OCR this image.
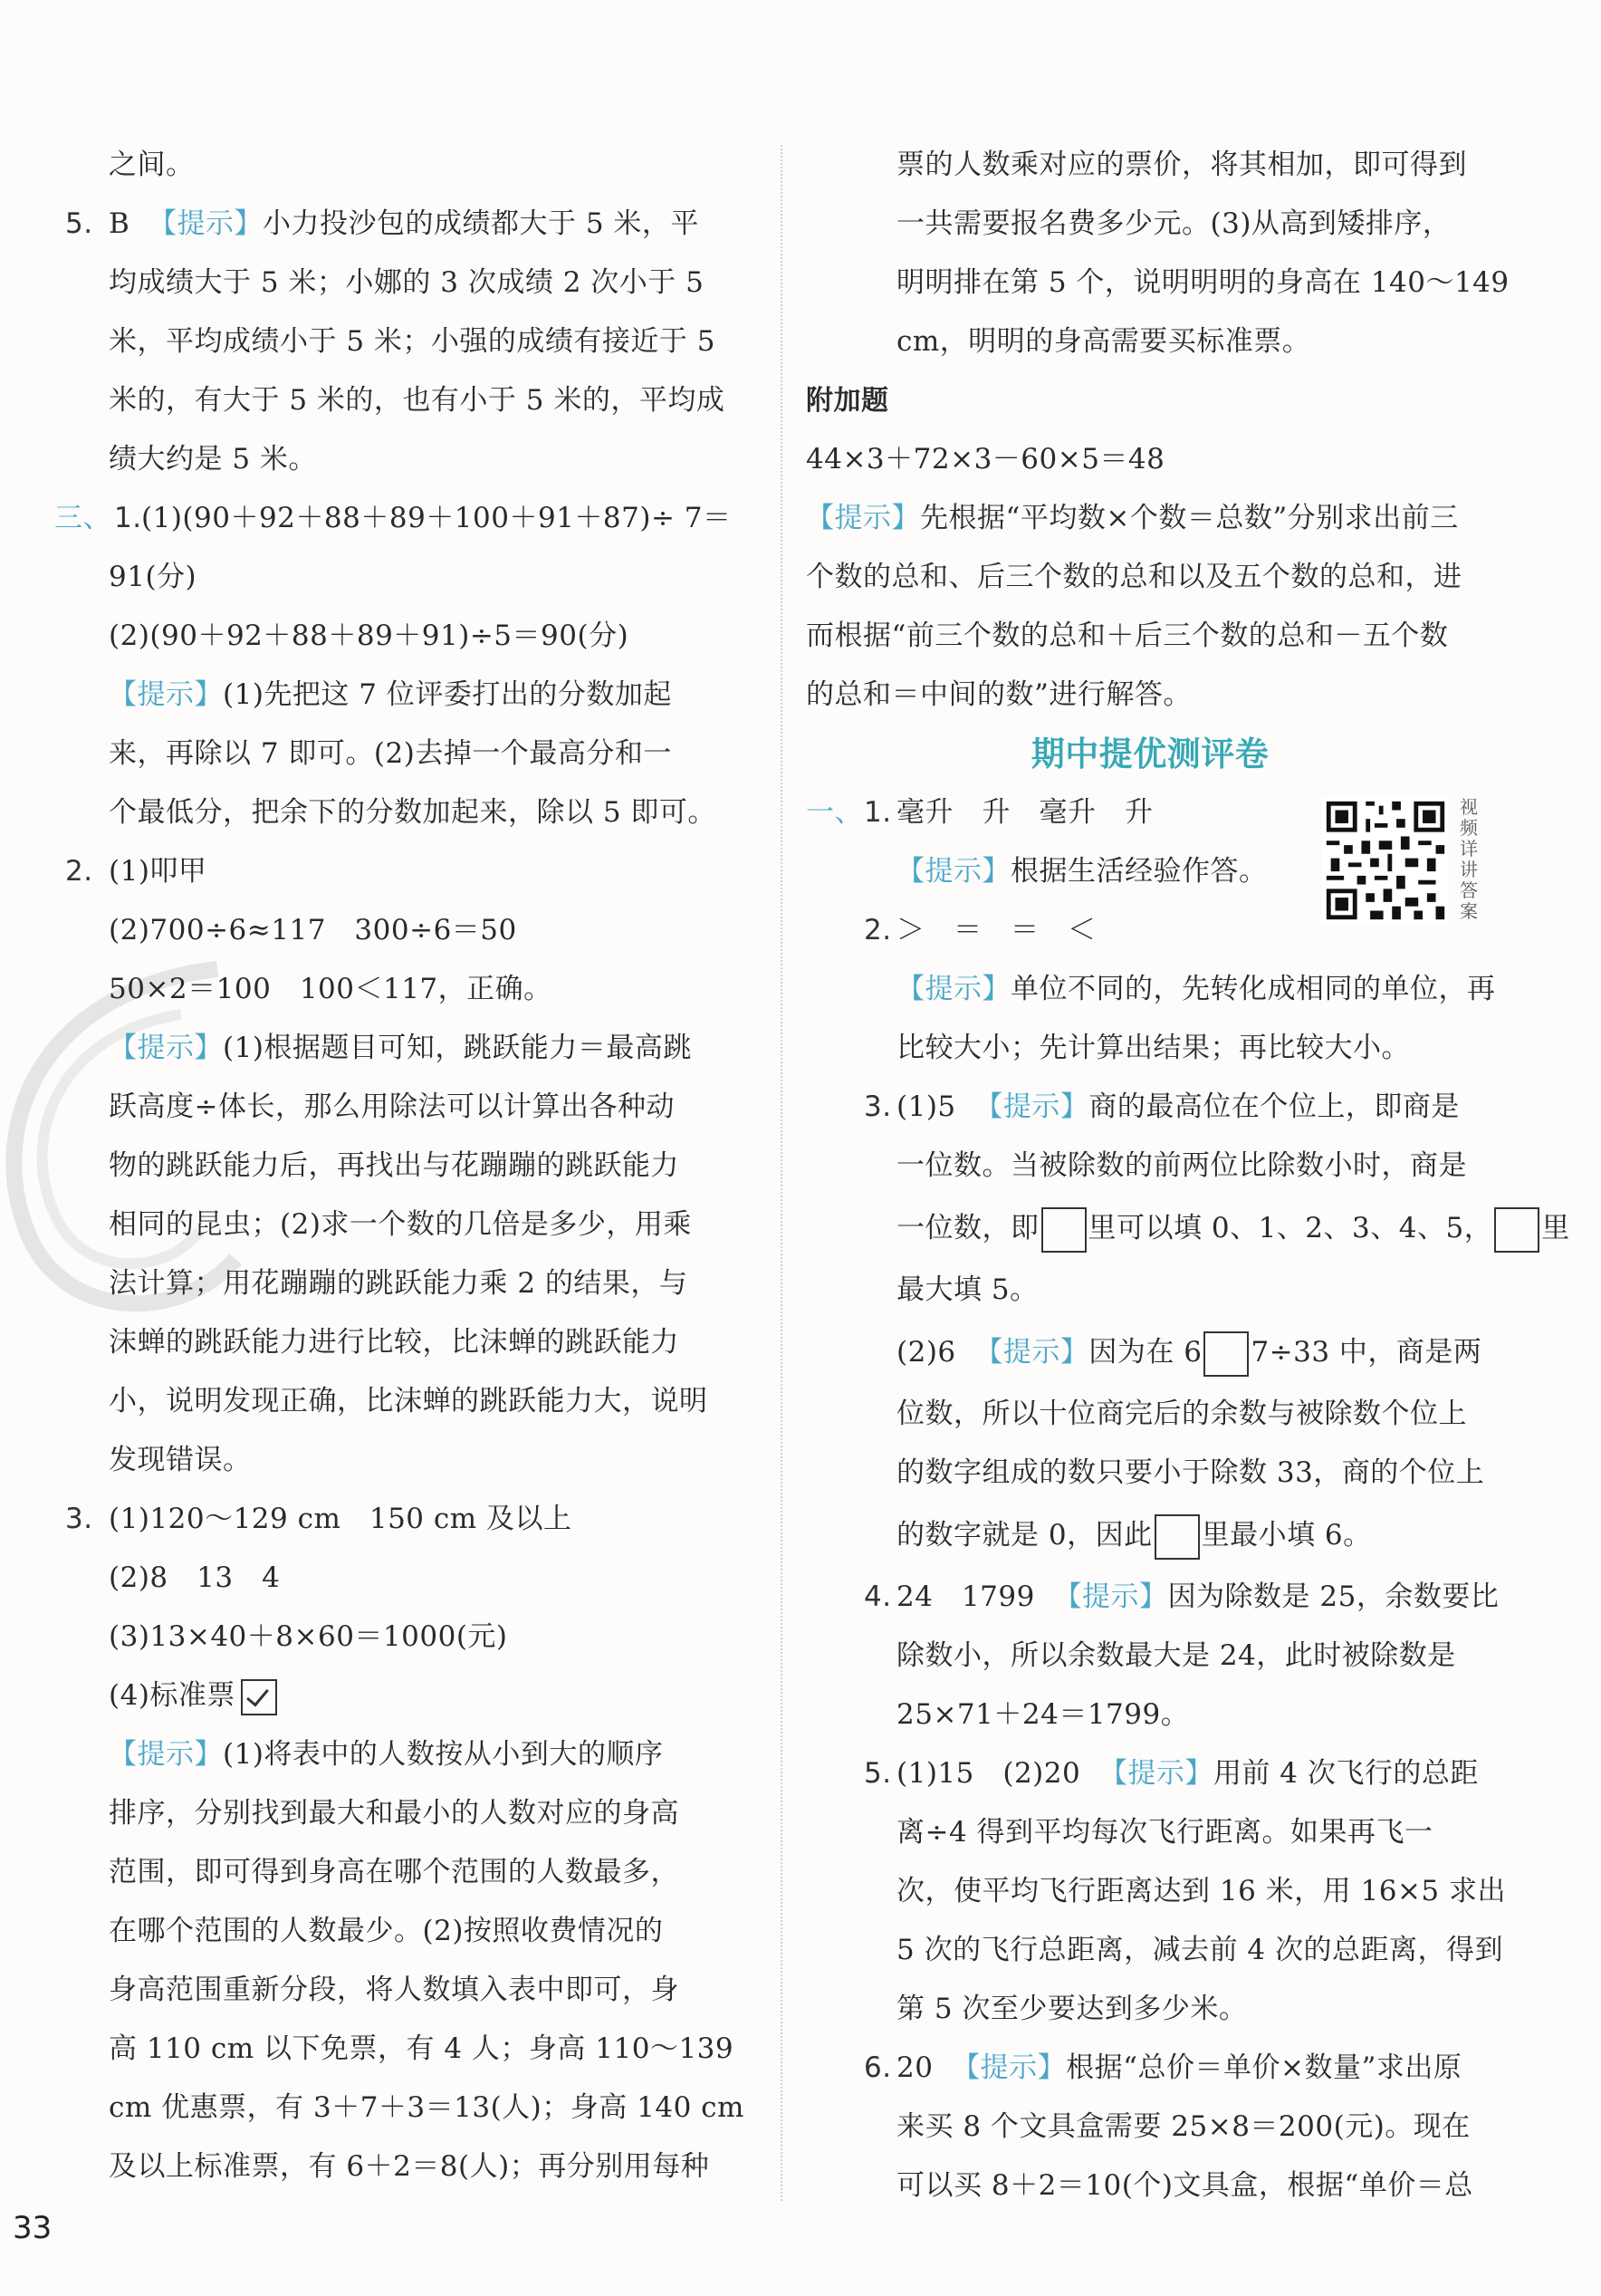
之间。
5. B 【提示】小力投沙包的成绩都大于 5 米，平
均成绩大于 5 米；小娜的 3 次成绩 2 次小于 5
米，平均成绩小于 5 米；小强的成绩有接近于 5
米的，有大于 5 米的，也有小于 5 米的，平均成
绩大约是 5 米。
三、 1. (1)(90＋92＋88＋89＋100＋91＋87)÷ 7＝
91(分)
(2)(90＋92＋88＋89＋91)÷5＝90(分)
【提示】(1)先把这 7 位评委打出的分数加起
来，再除以 7 即可。(2)去掉一个最高分和一
个最低分，把余下的分数加起来，除以 5 即可。
2. (1)叩甲
(2)700÷6≈117　300÷6＝50
50×2＝100　100＜117，正确。
【提示】(1)根据题目可知，跳跃能力＝最高跳
跃高度÷体长，那么用除法可以计算出各种动
物的跳跃能力后，再找出与花蹦蹦的跳跃能力
相同的昆虫；(2)求一个数的几倍是多少，用乘
法计算；用花蹦蹦的跳跃能力乘 2 的结果，与
沫蝉的跳跃能力进行比较，比沫蝉的跳跃能力
小，说明发现正确，比沫蝉的跳跃能力大，说明
发现错误。
3. (1)120～129 cm　150 cm 及以上
(2)8　13　4
(3)13×40＋8×60＝1000(元)
(4)标准票
【提示】(1)将表中的人数按从小到大的顺序
排序，分别找到最大和最小的人数对应的身高
范围，即可得到身高在哪个范围的人数最多，
在哪个范围的人数最少。(2)按照收费情况的
身高范围重新分段，将人数填入表中即可，身
高 110 cm 以下免票，有 4 人；身高 110～139
cm 优惠票，有 3＋7＋3＝13(人)；身高 140 cm
及以上标准票，有 6＋2＝8(人)；再分别用每种
票的人数乘对应的票价，将其相加，即可得到
一共需要报名费多少元。(3)从高到矮排序，
明明排在第 5 个，说明明明的身高在 140～149
cm，明明的身高需要买标准票。
附加题
44×3＋72×3－60×5＝48
【提示】先根据“平均数×个数＝总数”分别求出前三
个数的总和、后三个数的总和以及五个数的总和，进
而根据“前三个数的总和＋后三个数的总和－五个数
的总和＝中间的数”进行解答。
期中提优测评卷
一、 1. 毫升　升　毫升　升
【提示】根据生活经验作答。
2. ＞　＝　＝　＜
【提示】单位不同的，先转化成相同的单位，再
比较大小；先计算出结果；再比较大小。
3. (1)5 【提示】商的最高位在个位上，即商是
一位数。当被除数的前两位比除数小时，商是
一位数，即 里可以填 0、1、2、3、4、5， 里
最大填 5。
(2)6 【提示】因为在 6 7÷33 中，商是两
位数，所以十位商完后的余数与被除数个位上
的数字组成的数只要小于除数 33，商的个位上
的数字就是 0，因此 里最小填 6。
4. 24　1799 【提示】因为除数是 25，余数要比
除数小，所以余数最大是 24，此时被除数是
25×71＋24＝1799。
5. (1)15　(2)20 【提示】用前 4 次飞行的总距
离÷4 得到平均每次飞行距离。如果再飞一
次，使平均飞行距离达到 16 米，用 16×5 求出
5 次的飞行总距离，减去前 4 次的总距离，得到
第 5 次至少要达到多少米。
6. 20 【提示】根据“总价＝单价×数量”求出原
来买 8 个文具盒需要 25×8＝200(元)。现在
可以买 8＋2＝10(个)文具盒，根据“单价＝总
视频详讲答案
33
